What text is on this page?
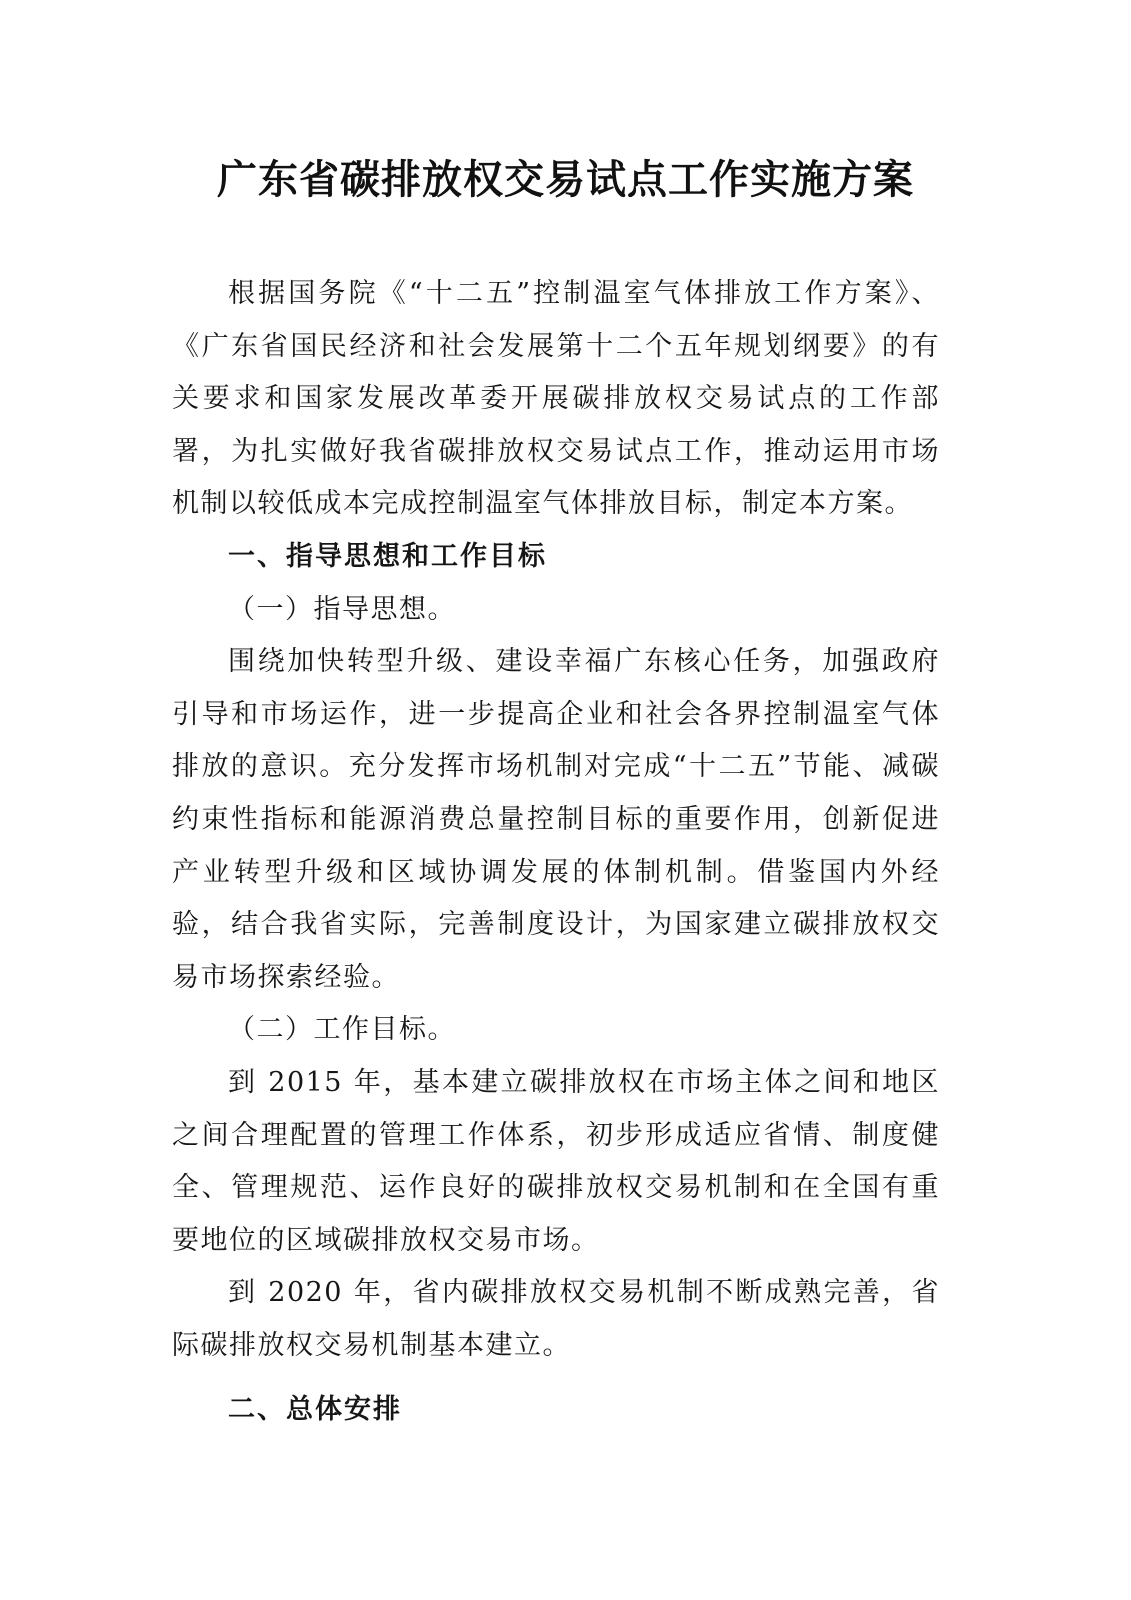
广东省碳排放权交易试点工作实施方案

根据国务院《“十二五”控制温室气体排放工作方案》、《广东省国民经济和社会发展第十二个五年规划纲要》的有关要求和国家发展改革委开展碳排放权交易试点的工作部署，为扎实做好我省碳排放权交易试点工作，推动运用市场机制以较低成本完成控制温室气体排放目标，制定本方案。

一、指导思想和工作目标

（一）指导思想。

围绕加快转型升级、建设幸福广东核心任务，加强政府引导和市场运作，进一步提高企业和社会各界控制温室气体排放的意识。充分发挥市场机制对完成“十二五”节能、减碳约束性指标和能源消费总量控制目标的重要作用，创新促进产业转型升级和区域协调发展的体制机制。借鉴国内外经验，结合我省实际，完善制度设计，为国家建立碳排放权交易市场探索经验。

（二）工作目标。

到 2015 年，基本建立碳排放权在市场主体之间和地区之间合理配置的管理工作体系，初步形成适应省情、制度健全、管理规范、运作良好的碳排放权交易机制和在全国有重要地位的区域碳排放权交易市场。

到 2020 年，省内碳排放权交易机制不断成熟完善，省际碳排放权交易机制基本建立。

二、总体安排
